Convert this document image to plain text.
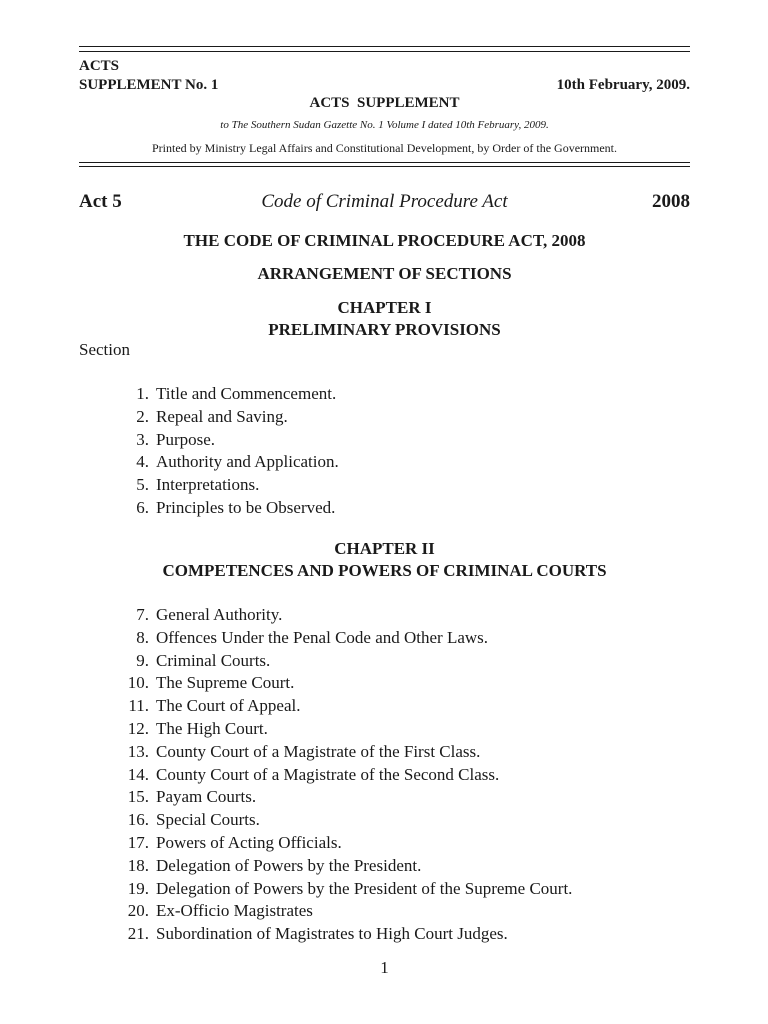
ACTS
SUPPLEMENT No. 1	10th February, 2009.
ACTS  SUPPLEMENT
to The Southern Sudan Gazette No. 1 Volume I dated 10th February, 2009.
Printed by Ministry Legal Affairs and Constitutional Development, by Order of the Government.
Act 5	Code of Criminal Procedure Act	2008
THE CODE OF CRIMINAL PROCEDURE ACT, 2008
ARRANGEMENT OF SECTIONS
CHAPTER I
PRELIMINARY PROVISIONS
Section
1. Title and Commencement.
2. Repeal and Saving.
3. Purpose.
4. Authority and Application.
5. Interpretations.
6. Principles to be Observed.
CHAPTER II
COMPETENCES AND POWERS OF CRIMINAL COURTS
7. General Authority.
8. Offences Under the Penal Code and Other Laws.
9. Criminal Courts.
10. The Supreme Court.
11. The Court of Appeal.
12. The High Court.
13. County Court of a Magistrate of the First Class.
14. County Court of a Magistrate of the Second Class.
15. Payam Courts.
16. Special Courts.
17. Powers of Acting Officials.
18. Delegation of Powers by the President.
19. Delegation of Powers by the President of the Supreme Court.
20. Ex-Officio Magistrates
21. Subordination of Magistrates to High Court Judges.
1
